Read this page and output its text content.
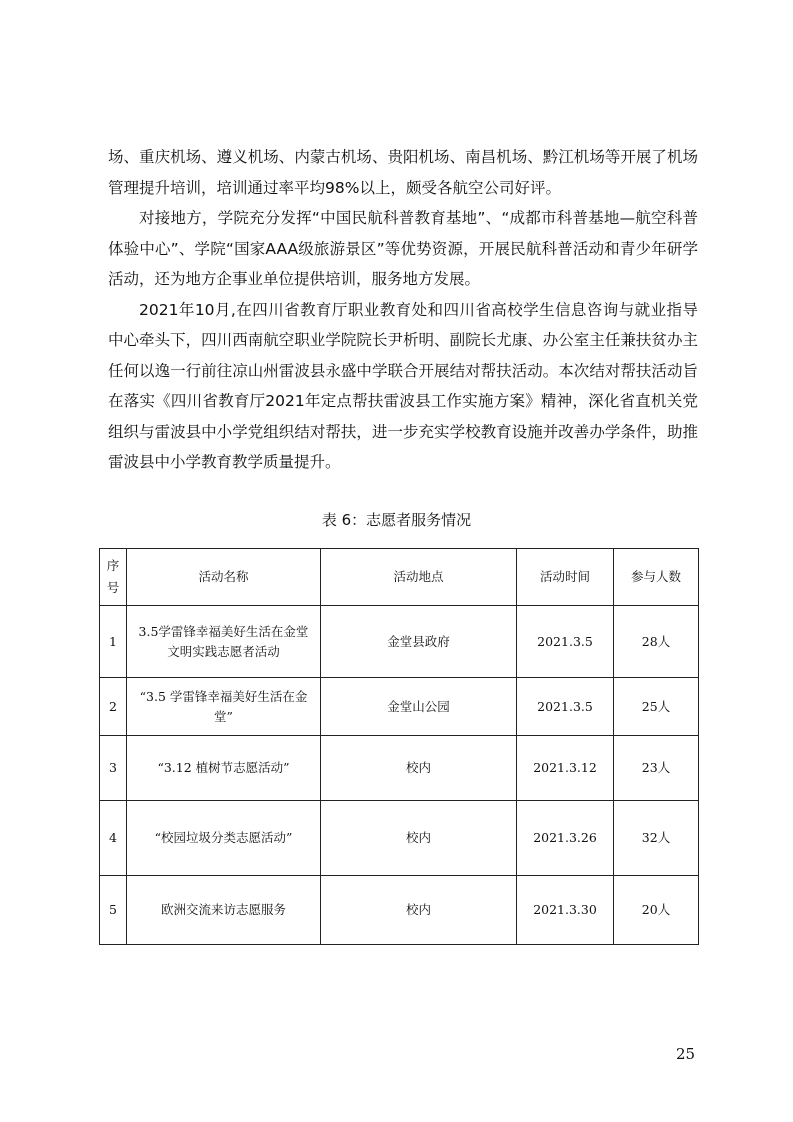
场、重庆机场、遵义机场、内蒙古机场、贵阳机场、南昌机场、黔江机场等开展了机场管理提升培训，培训通过率平均98%以上，颇受各航空公司好评。

对接地方，学院充分发挥“中国民航科普教育基地”、“成都市科普基地—航空科普体验中心”、学院“国家AAA级旅游景区”等优势资源，开展民航科普活动和青少年研学活动，还为地方企事业单位提供培训，服务地方发展。

2021年10月,在四川省教育厅职业教育处和四川省高校学生信息咨询与就业指导中心牵头下，四川西南航空职业学院院长尹析明、副院长尤康、办公室主任兼扶贫办主任何以逸一行前往凉山州雷波县永盛中学联合开展结对帮扶活动。本次结对帮扶活动旨在落实《四川省教育厅2021年定点帮扶雷波县工作实施方案》精神，深化省直机关党组织与雷波县中小学党组织结对帮扶，进一步充实学校教育设施并改善办学条件，助推雷波县中小学教育教学质量提升。

表 6：志愿者服务情况
序
号	活动名称	活动地点	活动时间	参与人数
1	3.5学雷锋幸福美好生活在金堂文明实践志愿者活动	金堂县政府	2021.3.5	28人
2	“3.5 学雷锋幸福美好生活在金堂”	金堂山公园	2021.3.5	25人
3	“3.12 植树节志愿活动”	校内	2021.3.12	23人
4	“校园垃圾分类志愿活动”	校内	2021.3.26	32人
5	欧洲交流来访志愿服务	校内	2021.3.30	20人
25
